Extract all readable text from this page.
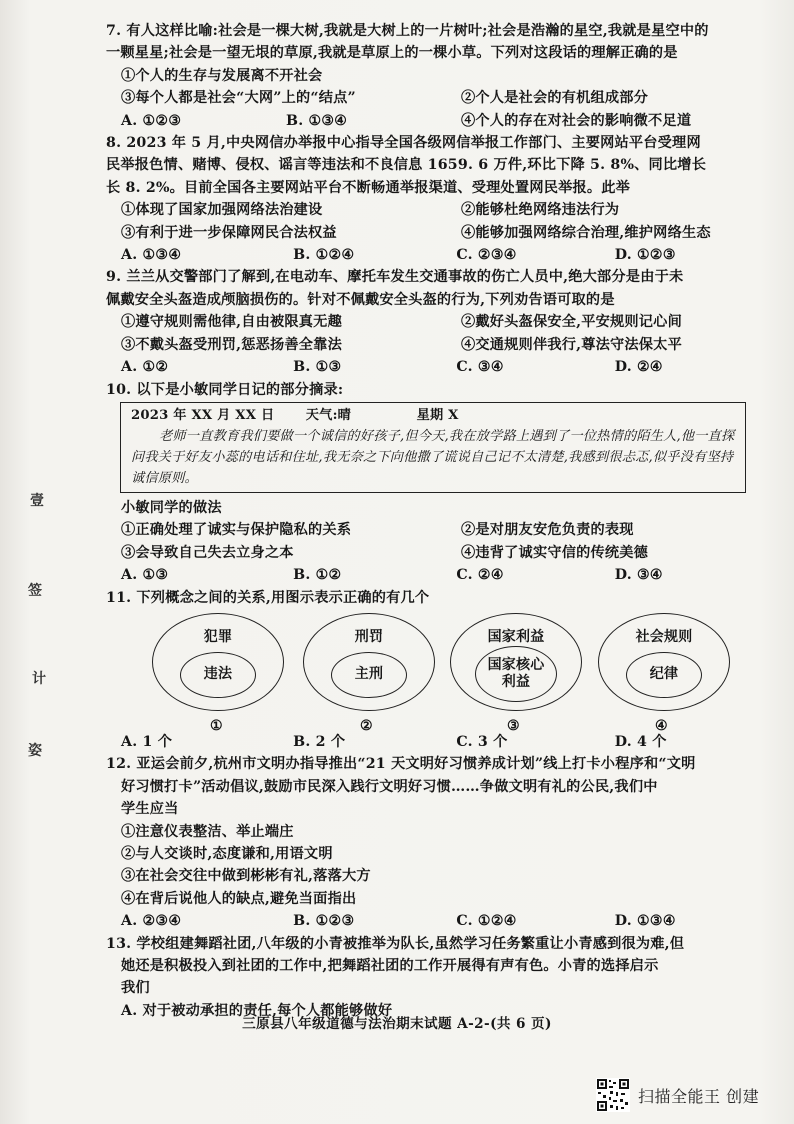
壹
签
计
姿
7. 有人这样比喻:社会是一棵大树,我就是大树上的一片树叶;社会是浩瀚的星空,我就是星空中的
一颗星星;社会是一望无垠的草原,我就是草原上的一棵小草。下列对这段话的理解正确的是
①个人的生存与发展离不开社会
③每个人都是社会“大网”上的“结点”	②个人是社会的有机组成部分
A. ①②③	B. ①③④	④个人的存在对社会的影响微不足道
8. 2023 年 5 月,中央网信办举报中心指导全国各级网信举报工作部门、主要网站平台受理网
民举报色情、赌博、侵权、谣言等违法和不良信息 1659. 6 万件,环比下降 5. 8%、同比增长
长 8. 2%。目前全国各主要网站平台不断畅通举报渠道、受理处置网民举报。此举
①体现了国家加强网络法治建设	②能够杜绝网络违法行为
③有利于进一步保障网民合法权益	④能够加强网络综合治理,维护网络生态
A. ①③④	B. ①②④	C. ②③④	D. ①②③
9. 兰兰从交警部门了解到,在电动车、摩托车发生交通事故的伤亡人员中,绝大部分是由于未
佩戴安全头盔造成颅脑损伤的。针对不佩戴安全头盔的行为,下列劝告语可取的是
①遵守规则需他律,自由被限真无趣	②戴好头盔保安全,平安规则记心间
③不戴头盔受刑罚,惩恶扬善全靠法	④交通规则伴我行,尊法守法保太平
A. ①②	B. ①③	C. ③④	D. ②④
10. 以下是小敏同学日记的部分摘录:
2023 年 XX 月 XX 日 天气:晴	星期 X
老师一直教育我们要做一个诚信的好孩子,但今天,我在放学路上遇到了一位热情的陌生人,他一直探问我关于好友小蕊的电话和住址,我无奈之下向他撒了谎说自己记不太清楚,我感到很忐忑,似乎没有坚持诚信原则。
小敏同学的做法
①正确处理了诚实与保护隐私的关系	②是对朋友安危负责的表现
③会导致自己失去立身之本	④违背了诚实守信的传统美德
A. ①③	B. ①②	C. ②④	D. ③④
11. 下列概念之间的关系,用图示表示正确的有几个
犯罪
违法
①
刑罚
主刑
②
国家利益
国家核心利益
③
社会规则
纪律
④
A. 1 个	B. 2 个	C. 3 个	D. 4 个
12. 亚运会前夕,杭州市文明办指导推出“21 天文明好习惯养成计划”线上打卡小程序和“文明
好习惯打卡”活动倡议,鼓励市民深入践行文明好习惯……争做文明有礼的公民,我们中
学生应当
①注意仪表整洁、举止端庄
②与人交谈时,态度谦和,用语文明
③在社会交往中做到彬彬有礼,落落大方
④在背后说他人的缺点,避免当面指出
A. ②③④	B. ①②③	C. ①②④	D. ①③④
13. 学校组建舞蹈社团,八年级的小青被推举为队长,虽然学习任务繁重让小青感到很为难,但
她还是积极投入到社团的工作中,把舞蹈社团的工作开展得有声有色。小青的选择启示
我们
A. 对于被动承担的责任,每个人都能够做好
三原县八年级道德与法治期末试题 A-2-(共 6 页)
扫描全能王 创建
